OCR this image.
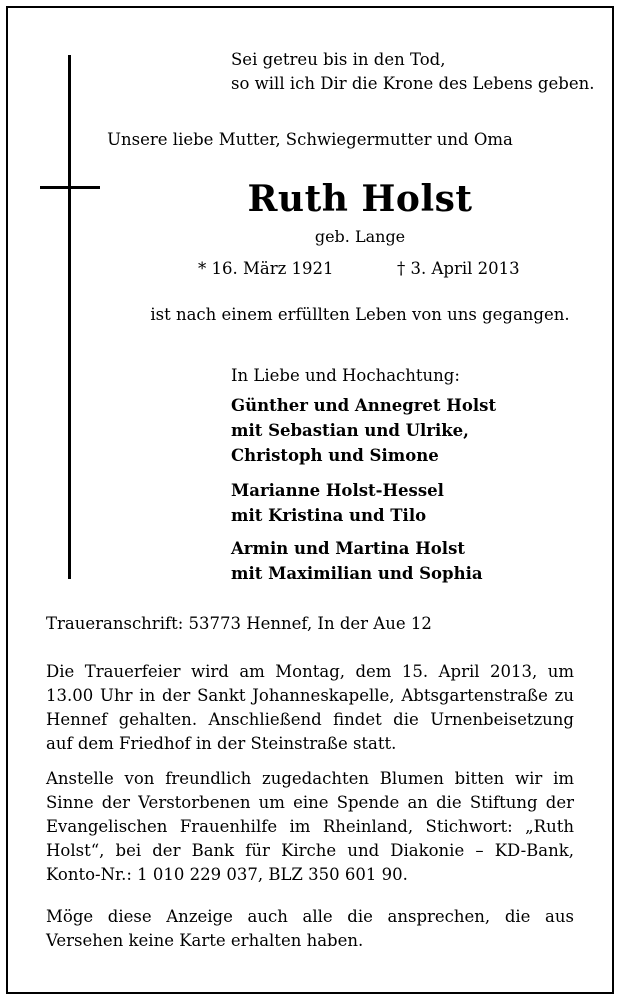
Sei getreu bis in den Tod,
so will ich Dir die Krone des Lebens geben.
Unsere liebe Mutter, Schwiegermutter und Oma
Ruth Holst
geb. Lange
* 16. März 1921	† 3. April 2013
ist nach einem erfüllten Leben von uns gegangen.
In Liebe und Hochachtung:
Günther und Annegret Holst
mit Sebastian und Ulrike,
Christoph und Simone
Marianne Holst-Hessel
mit Kristina und Tilo
Armin und Martina Holst
mit Maximilian und Sophia
Traueranschrift: 53773 Hennef, In der Aue 12
Die Trauerfeier wird am Montag, dem 15. April 2013, um 13.00 Uhr in der Sankt Johanneskapelle, Abtsgartenstraße zu Hennef gehalten. Anschließend findet die Urnenbeisetzung auf dem Friedhof in der Steinstraße statt.
Anstelle von freundlich zugedachten Blumen bitten wir im Sinne der Verstorbenen um eine Spende an die Stiftung der Evangelischen Frauenhilfe im Rheinland, Stichwort: „Ruth Holst“, bei der Bank für Kirche und Diakonie – KD-Bank, Konto-Nr.: 1 010 229 037, BLZ 350 601 90.
Möge diese Anzeige auch alle die ansprechen, die aus Versehen keine Karte erhalten haben.
